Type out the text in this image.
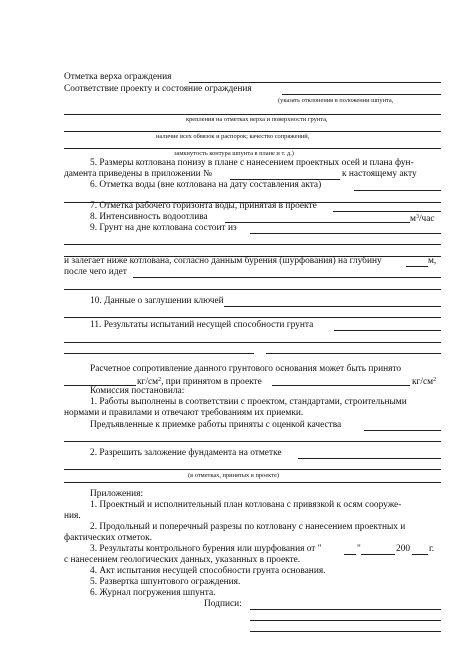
Отметка верха ограждения
Соответствие проекту и состояние ограждения
(указать отклонения в положении шпунта,
крепления на отметках верха и поверхности грунта,
наличие всех обвязок и распорок; качество сопряжений,
замкнутость контура шпунта в плане и т. д.)
5. Размеры котлована понизу в плане с нанесением проектных осей и плана фун-
дамента приведены в приложении №	к настоящему акту
6. Отметка воды (вне котлована на дату составления акта)
7. Отметка рабочего горизонта воды, принятая в проекте
8. Интенсивность водоотлива	$м^3$/час
9. Грунт на дне котлована состоит из
и залегает ниже котлована, согласно данным бурения (шурфования) на глубину	м,
после чего идет
10. Данные о заглушении ключей
11. Результаты испытаний несущей способности грунта
Расчетное сопротивление данного грунтового основания может быть принято
$кг/см^2$, при принятом в проекте	$кг/см^2$
Комиссия постановила:
1. Работы выполнены в соответствии с проектом, стандартами, строительными
нормами и правилами и отвечают требованиям их приемки.
Предъявленные к приемке работы приняты с оценкой качества
2. Разрешить заложение фундамента на отметке
(в отметках, принятых в проекте)
Приложения:
1. Проектный и исполнительный план котлована с привязкой к осям сооруже-
ния.
2. Продольный и поперечный разрезы по котловану с нанесением проектных и
фактических отметок.
3. Результаты контрольного бурения или шурфования от "	"	200 г.
с нанесением геологических данных, указанных в проекте.
4. Акт испытания несущей способности грунта основания.
5. Развертка шпунтового ограждения.
6. Журнал погружения шпунта.
Подписи:
